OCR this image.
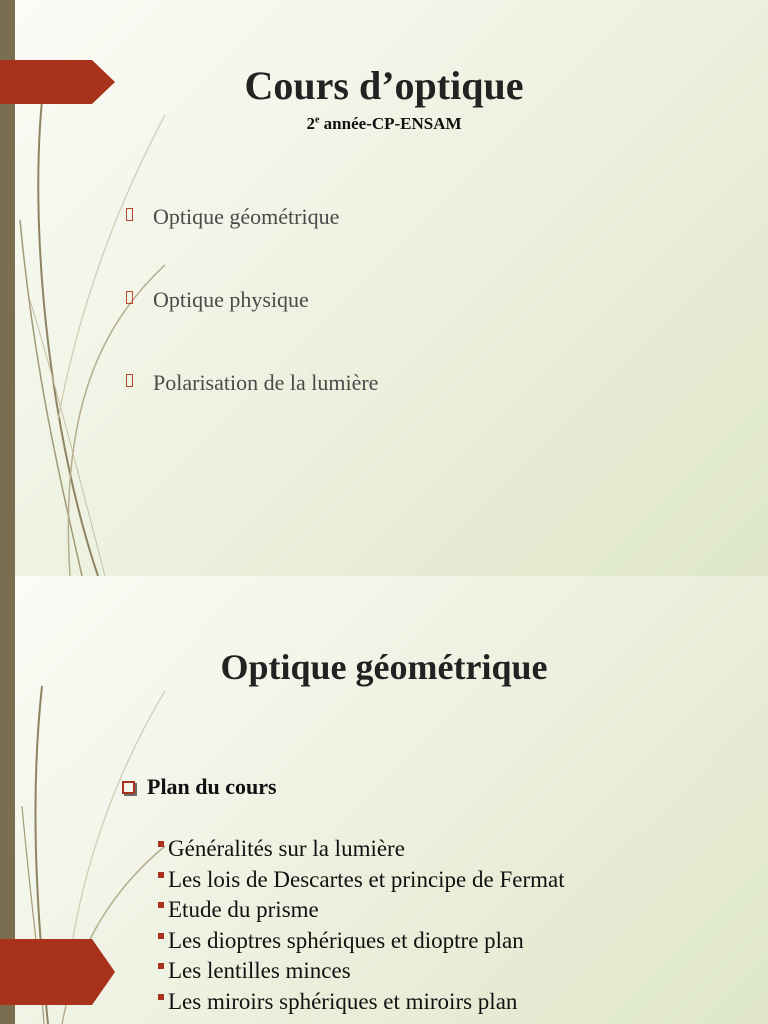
Cours d’optique
2e année-CP-ENSAM
Optique géométrique
Optique physique
Polarisation de la lumière
Optique géométrique
Plan du cours
Généralités sur la lumière
Les lois de Descartes et principe de Fermat
Etude du prisme
Les dioptres sphériques et dioptre plan
Les lentilles minces
Les miroirs sphériques et miroirs plan
